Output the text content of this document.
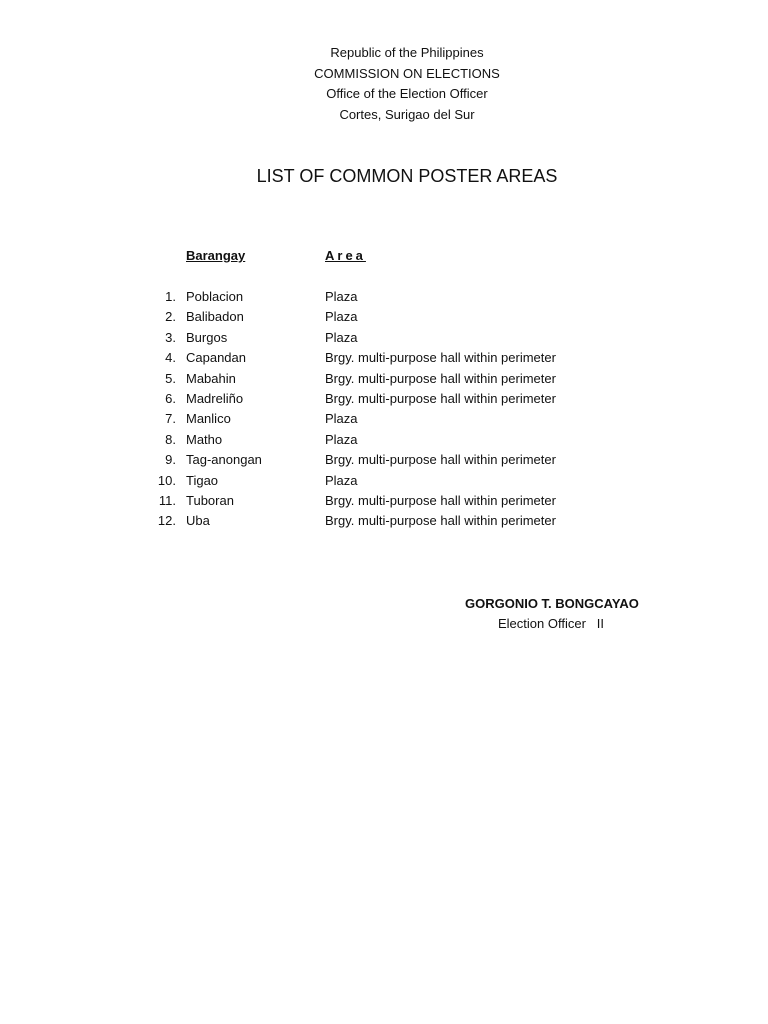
Republic of the Philippines
COMMISSION ON ELECTIONS
Office of the Election Officer
Cortes, Surigao del Sur
LIST OF COMMON POSTER AREAS
Barangay	Area
1. Poblacion	Plaza
2. Balibadon	Plaza
3. Burgos	Plaza
4. Capandan	Brgy. multi-purpose hall within perimeter
5. Mabahin	Brgy. multi-purpose hall within perimeter
6. Madreliño	Brgy. multi-purpose hall within perimeter
7. Manlico	Plaza
8. Matho	Plaza
9. Tag-anongan	Brgy. multi-purpose hall within perimeter
10. Tigao	Plaza
11. Tuboran	Brgy. multi-purpose hall within perimeter
12. Uba	Brgy. multi-purpose hall within perimeter
GORGONIO T. BONGCAYAO
Election Officer   II
